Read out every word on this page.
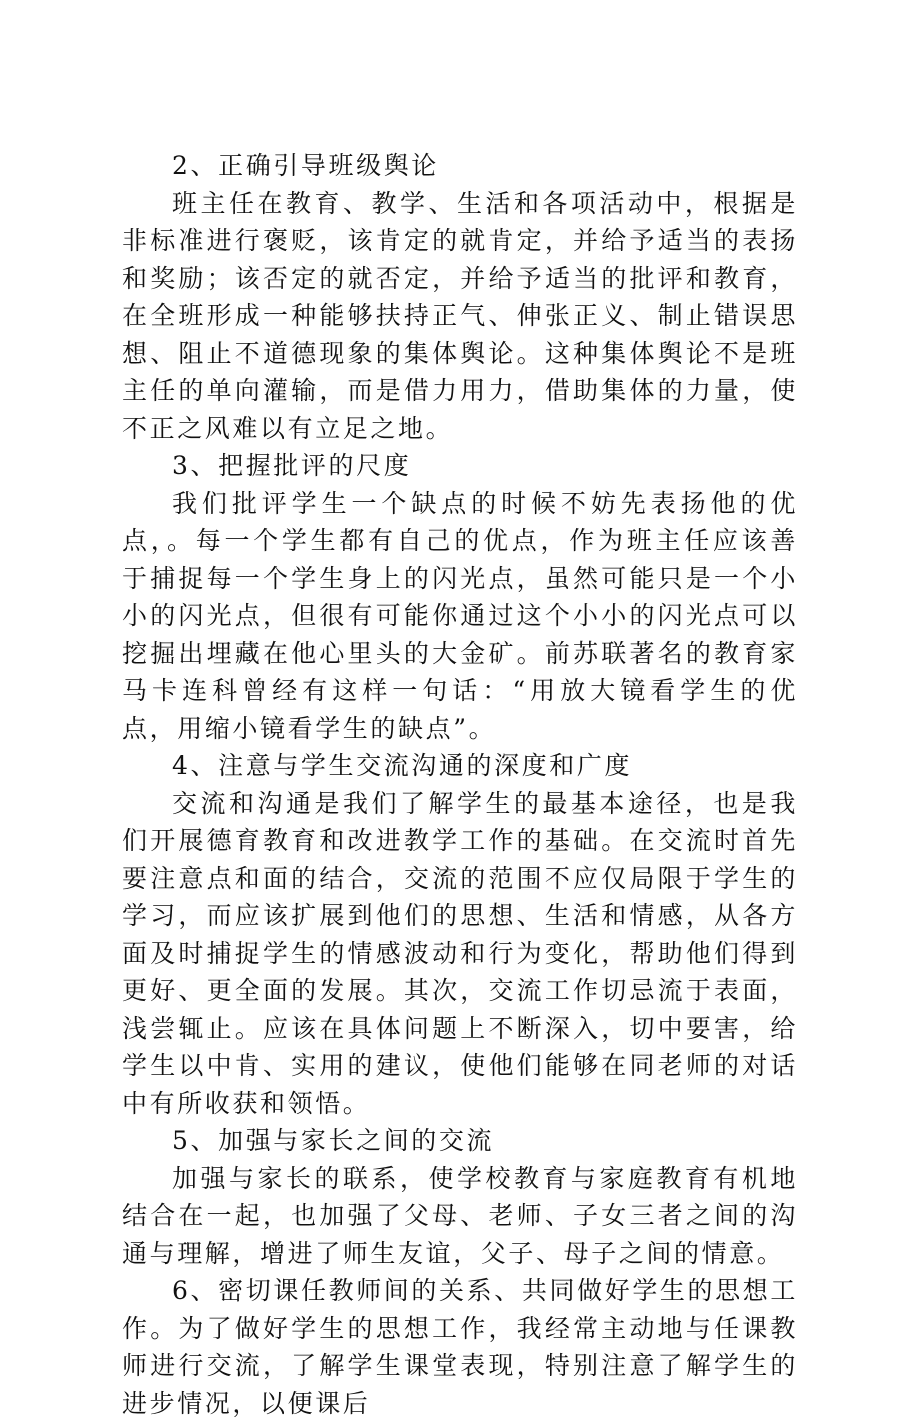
2、正确引导班级舆论

班主任在教育、教学、生活和各项活动中，根据是非标准进行褒贬，该肯定的就肯定，并给予适当的表扬和奖励；该否定的就否定，并给予适当的批评和教育，在全班形成一种能够扶持正气、伸张正义、制止错误思想、阻止不道德现象的集体舆论。这种集体舆论不是班主任的单向灌输，而是借力用力，借助集体的力量，使不正之风难以有立足之地。

3、把握批评的尺度

我们批评学生一个缺点的时候不妨先表扬他的优点，。每一个学生都有自己的优点，作为班主任应该善于捕捉每一个学生身上的闪光点，虽然可能只是一个小小的闪光点，但很有可能你通过这个小小的闪光点可以挖掘出埋藏在他心里头的大金矿。前苏联著名的教育家马卡连科曾经有这样一句话：“用放大镜看学生的优点，用缩小镜看学生的缺点”。

4、注意与学生交流沟通的深度和广度

交流和沟通是我们了解学生的最基本途径，也是我们开展德育教育和改进教学工作的基础。在交流时首先要注意点和面的结合，交流的范围不应仅局限于学生的学习，而应该扩展到他们的思想、生活和情感，从各方面及时捕捉学生的情感波动和行为变化，帮助他们得到更好、更全面的发展。其次，交流工作切忌流于表面，浅尝辄止。应该在具体问题上不断深入，切中要害，给学生以中肯、实用的建议，使他们能够在同老师的对话中有所收获和领悟。

5、加强与家长之间的交流

加强与家长的联系，使学校教育与家庭教育有机地结合在一起，也加强了父母、老师、子女三者之间的沟通与理解，增进了师生友谊，父子、母子之间的情意。

6、密切课任教师间的关系、共同做好学生的思想工作。为了做好学生的思想工作，我经常主动地与任课教师进行交流，了解学生课堂表现，特别注意了解学生的进步情况，以便课后
